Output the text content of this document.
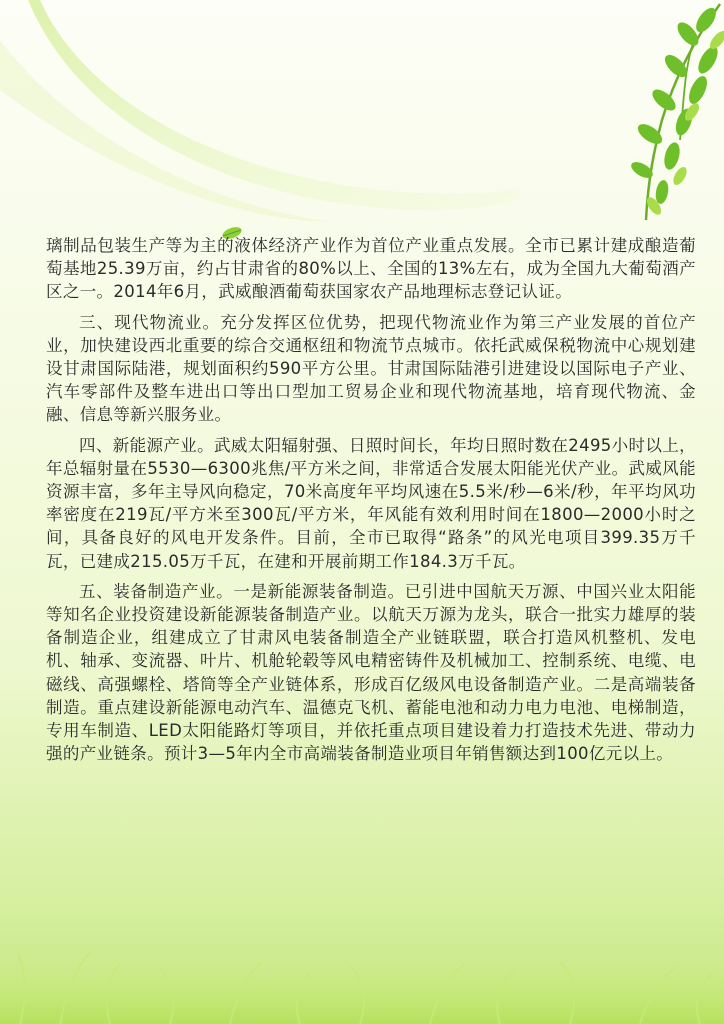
璃制品包装生产等为主的液体经济产业作为首位产业重点发展。全市已累计建成酿造葡萄基地25.39万亩，约占甘肃省的80%以上、全国的13%左右，成为全国九大葡萄酒产区之一。2014年6月，武威酿酒葡萄获国家农产品地理标志登记认证。

三、现代物流业。充分发挥区位优势，把现代物流业作为第三产业发展的首位产业，加快建设西北重要的综合交通枢纽和物流节点城市。依托武威保税物流中心规划建设甘肃国际陆港，规划面积约590平方公里。甘肃国际陆港引进建设以国际电子产业、汽车零部件及整车进出口等出口型加工贸易企业和现代物流基地，培育现代物流、金融、信息等新兴服务业。

四、新能源产业。武威太阳辐射强、日照时间长，年均日照时数在2495小时以上，年总辐射量在5530—6300兆焦/平方米之间，非常适合发展太阳能光伏产业。武威风能资源丰富，多年主导风向稳定，70米高度年平均风速在5.5米/秒—6米/秒，年平均风功率密度在219瓦/平方米至300瓦/平方米，年风能有效利用时间在1800—2000小时之间，具备良好的风电开发条件。目前，全市已取得“路条”的风光电项目399.35万千瓦，已建成215.05万千瓦，在建和开展前期工作184.3万千瓦。

五、装备制造产业。一是新能源装备制造。已引进中国航天万源、中国兴业太阳能等知名企业投资建设新能源装备制造产业。以航天万源为龙头，联合一批实力雄厚的装备制造企业，组建成立了甘肃风电装备制造全产业链联盟，联合打造风机整机、发电机、轴承、变流器、叶片、机舱轮毂等风电精密铸件及机械加工、控制系统、电缆、电磁线、高强螺栓、塔筒等全产业链体系，形成百亿级风电设备制造产业。二是高端装备制造。重点建设新能源电动汽车、温德克飞机、蓄能电池和动力电力电池、电梯制造，专用车制造、LED太阳能路灯等项目，并依托重点项目建设着力打造技术先进、带动力强的产业链条。预计3—5年内全市高端装备制造业项目年销售额达到100亿元以上。
